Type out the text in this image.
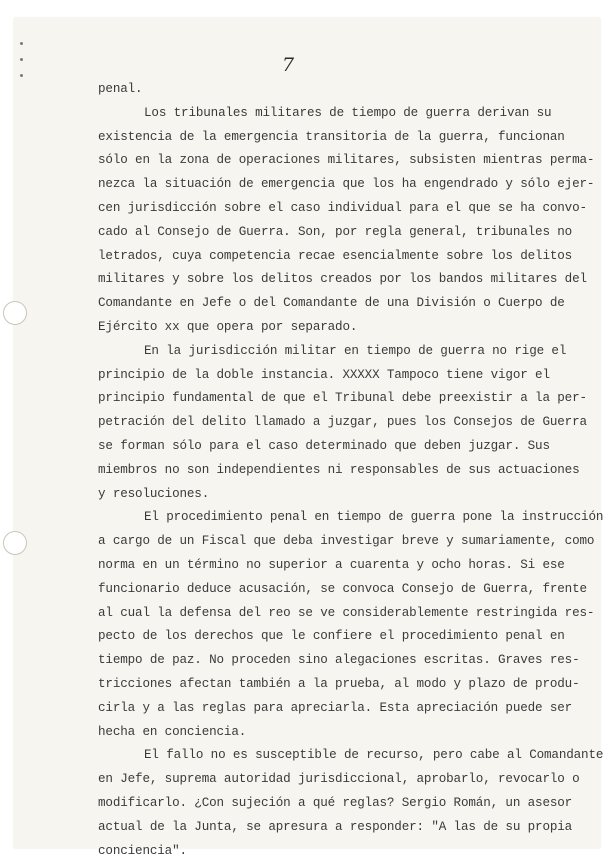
7
penal.
Los tribunales militares de tiempo de guerra derivan su
existencia de la emergencia transitoria de la guerra, funcionan
sólo en la zona de operaciones militares, subsisten mientras perma-
nezca la situación de emergencia que los ha engendrado y sólo ejer-
cen jurisdicción sobre el caso individual para el que se ha convo-
cado al Consejo de Guerra. Son, por regla general, tribunales no
letrados, cuya competencia recae esencialmente sobre los delitos
militares y sobre los delitos creados por los bandos militares del
Comandante en Jefe o del Comandante de una División o Cuerpo de
Ejército xx que opera por separado.
En la jurisdicción militar en tiempo de guerra no rige el
principio de la doble instancia. XXXXX Tampoco tiene vigor el
principio fundamental de que el Tribunal debe preexistir a la per-
petración del delito llamado a juzgar, pues los Consejos de Guerra
se forman sólo para el caso determinado que deben juzgar. Sus
miembros no son independientes ni responsables de sus actuaciones
y resoluciones.
El procedimiento penal en tiempo de guerra pone la instrucción
a cargo de un Fiscal que deba investigar breve y sumariamente, como
norma en un término no superior a cuarenta y ocho horas. Si ese
funcionario deduce acusación, se convoca Consejo de Guerra, frente
al cual la defensa del reo se ve considerablemente restringida res-
pecto de los derechos que le confiere el procedimiento penal en
tiempo de paz. No proceden sino alegaciones escritas. Graves res-
tricciones afectan también a la prueba, al modo y plazo de produ-
cirla y a las reglas para apreciarla. Esta apreciación puede ser
hecha en conciencia.
El fallo no es susceptible de recurso, pero cabe al Comandante
en Jefe, suprema autoridad jurisdiccional, aprobarlo, revocarlo o
modificarlo. ¿Con sujeción a qué reglas? Sergio Román, un asesor
actual de la Junta, se apresura a responder: "A las de su propia
conciencia".
